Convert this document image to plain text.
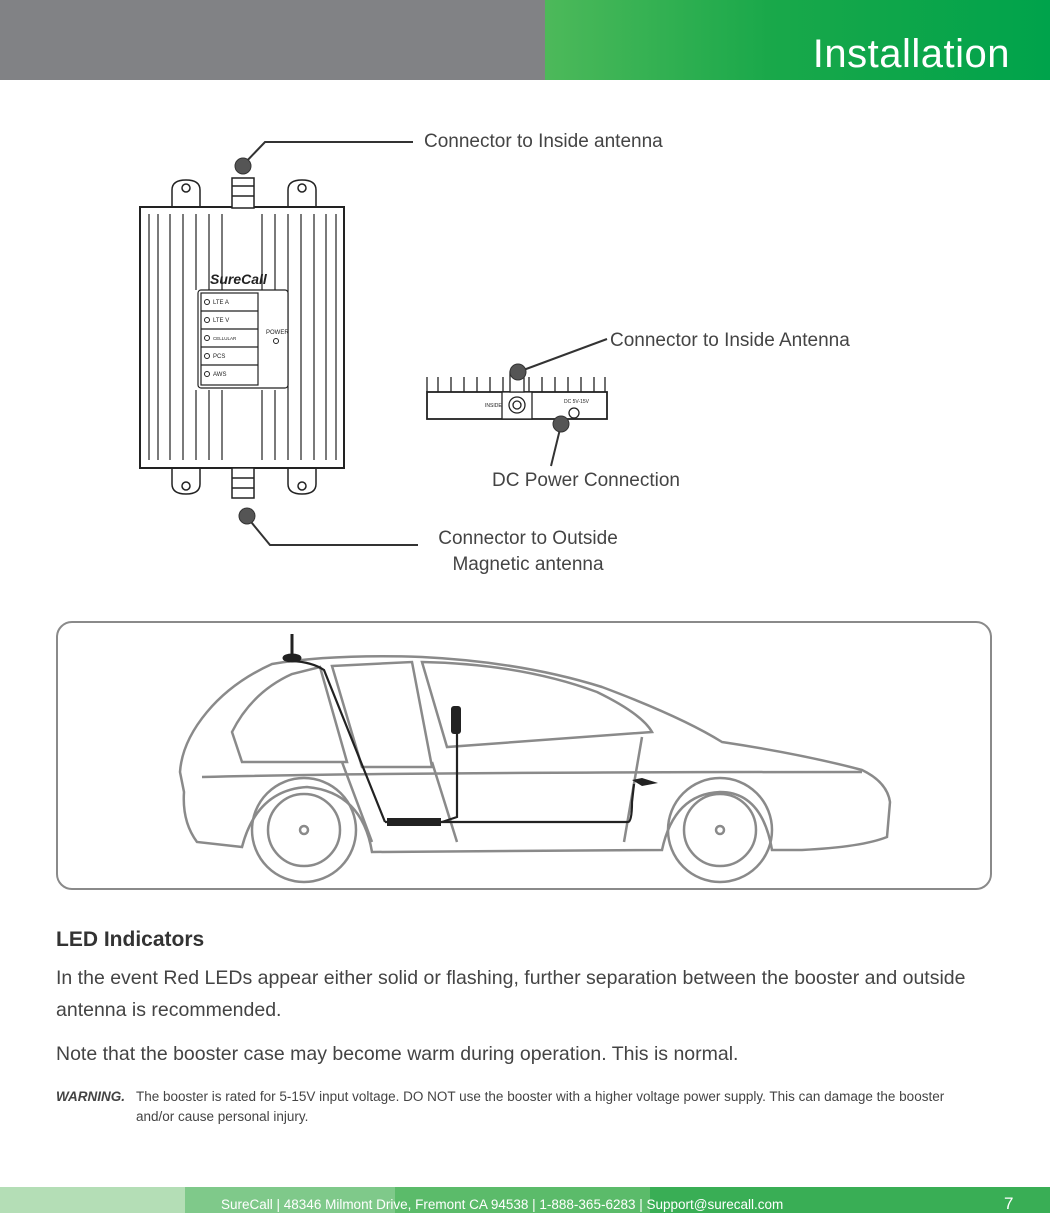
Installation
SureCall
LTE A
LTE V
CELLULAR
PCS
AWS
POWER
INSIDE
DC 5V-15V
Connector to Inside antenna
Connector to Inside Antenna
DC Power Connection
Connector to Outside
Magnetic antenna
LED Indicators
In the event Red LEDs appear either solid or flashing, further separation between the booster and outside antenna is recommended.
Note that the booster case may become warm during operation. This is normal.
WARNING. The booster is rated for 5-15V input voltage. DO NOT use the booster with a higher voltage power supply. This can damage the booster and/or cause personal injury.
SureCall | 48346 Milmont Drive, Fremont CA 94538 | 1-888-365-6283 | Support@surecall.com	7
